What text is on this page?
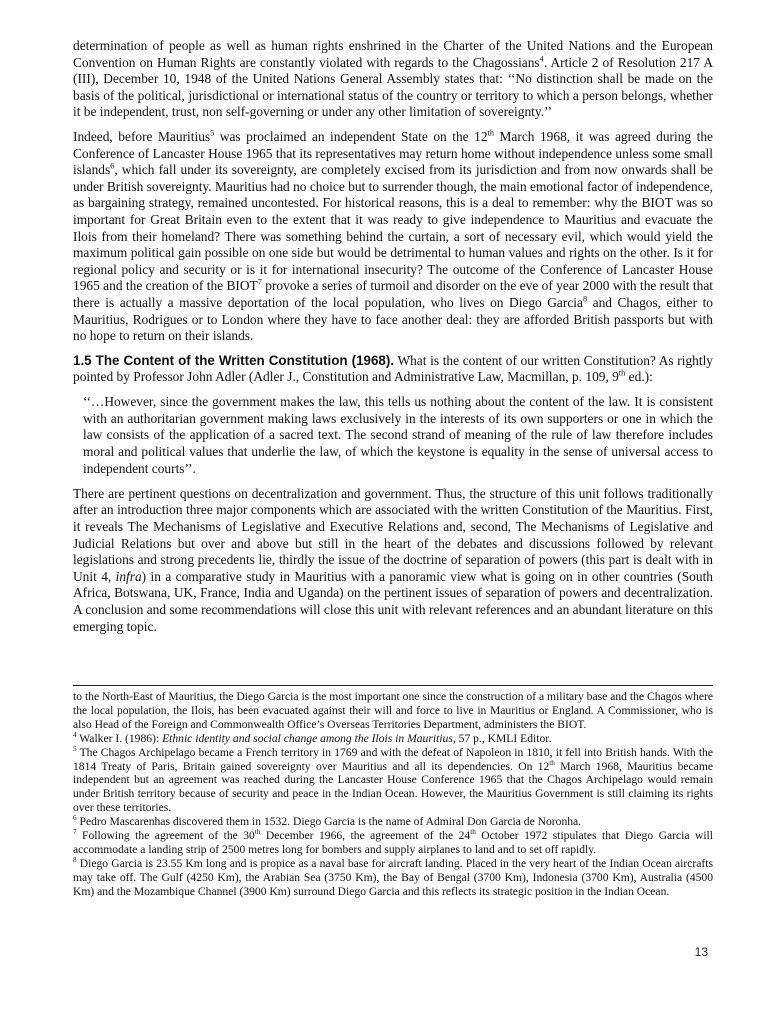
determination of people as well as human rights enshrined in the Charter of the United Nations and the European Convention on Human Rights are constantly violated with regards to the Chagossians$^4$. Article 2 of Resolution 217 A (III), December 10, 1948 of the United Nations General Assembly states that: ‘‘No distinction shall be made on the basis of the political, jurisdictional or international status of the country or territory to which a person belongs, whether it be independent, trust, non self-governing or under any other limitation of sovereignty.’’

Indeed, before Mauritius$^5$ was proclaimed an independent State on the 12th March 1968, it was agreed during the Conference of Lancaster House 1965 that its representatives may return home without independence unless some small islands$^6$, which fall under its sovereignty, are completely excised from its jurisdiction and from now onwards shall be under British sovereignty. Mauritius had no choice but to surrender though, the main emotional factor of independence, as bargaining strategy, remained uncontested. For historical reasons, this is a deal to remember: why the BIOT was so important for Great Britain even to the extent that it was ready to give independence to Mauritius and evacuate the Ilois from their homeland? There was something behind the curtain, a sort of necessary evil, which would yield the maximum political gain possible on one side but would be detrimental to human values and rights on the other. Is it for regional policy and security or is it for international insecurity? The outcome of the Conference of Lancaster House 1965 and the creation of the BIOT$^7$ provoke a series of turmoil and disorder on the eve of year 2000 with the result that there is actually a massive deportation of the local population, who lives on Diego Garcia$^8$ and Chagos, either to Mauritius, Rodrigues or to London where they have to face another deal: they are afforded British passports but with no hope to return on their islands.

1.5 The Content of the Written Constitution (1968). What is the content of our written Constitution? As rightly pointed by Professor John Adler (Adler J., Constitution and Administrative Law, Macmillan, p. 109, 9th ed.):

‘‘…However, since the government makes the law, this tells us nothing about the content of the law. It is consistent with an authoritarian government making laws exclusively in the interests of its own supporters or one in which the law consists of the application of a sacred text. The second strand of meaning of the rule of law therefore includes moral and political values that underlie the law, of which the keystone is equality in the sense of universal access to independent courts’’.

There are pertinent questions on decentralization and government. Thus, the structure of this unit follows traditionally after an introduction three major components which are associated with the written Constitution of the Mauritius. First, it reveals The Mechanisms of Legislative and Executive Relations and, second, The Mechanisms of Legislative and Judicial Relations but over and above but still in the heart of the debates and discussions followed by relevant legislations and strong precedents lie, thirdly the issue of the doctrine of separation of powers (this part is dealt with in Unit 4, infra) in a comparative study in Mauritius with a panoramic view what is going on in other countries (South Africa, Botswana, UK, France, India and Uganda) on the pertinent issues of separation of powers and decentralization. A conclusion and some recommendations will close this unit with relevant references and an abundant literature on this emerging topic.

to the North-East of Mauritius, the Diego Garcia is the most important one since the construction of a military base and the Chagos where the local population, the Ilois, has been evacuated against their will and force to live in Mauritius or England. A Commissioner, who is also Head of the Foreign and Commonwealth Office’s Overseas Territories Department, administers the BIOT.

$^4$ Walker I. (1986): Ethnic identity and social change among the Ilois in Mauritius, 57 p., KMLI Editor.

$^5$ The Chagos Archipelago became a French territory in 1769 and with the defeat of Napoleon in 1810, it fell into British hands. With the 1814 Treaty of Paris, Britain gained sovereignty over Mauritius and all its dependencies. On 12th March 1968, Mauritius became independent but an agreement was reached during the Lancaster House Conference 1965 that the Chagos Archipelago would remain under British territory because of security and peace in the Indian Ocean. However, the Mauritius Government is still claiming its rights over these territories.

$^6$ Pedro Mascarenhas discovered them in 1532. Diego Garcia is the name of Admiral Don Garcia de Noronha.

$^7$ Following the agreement of the 30th December 1966, the agreement of the 24th October 1972 stipulates that Diego Garcia will accommodate a landing strip of 2500 metres long for bombers and supply airplanes to land and to set off rapidly.

$^8$ Diego Garcia is 23.55 Km long and is propice as a naval base for aircraft landing. Placed in the very heart of the Indian Ocean aircrafts may take off. The Gulf (4250 Km), the Arabian Sea (3750 Km), the Bay of Bengal (3700 Km), Indonesia (3700 Km), Australia (4500 Km) and the Mozambique Channel (3900 Km) surround Diego Garcia and this reflects its strategic position in the Indian Ocean.

13
